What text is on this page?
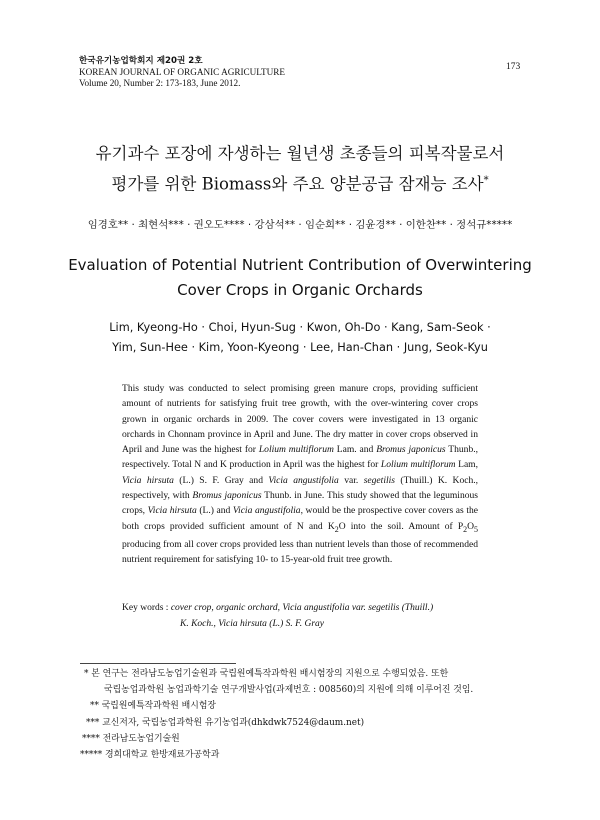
한국유기농업학회지 제20권 2호
KOREAN JOURNAL OF ORGANIC AGRICULTURE
Volume 20, Number 2: 173-183, June 2012.
173
유기과수 포장에 자생하는 월년생 초종들의 피복작물로서
평가를 위한 Biomass와 주요 양분공급 잠재능 조사*
임경호** · 최현석*** · 권오도**** · 강삼석** · 임순희** · 김윤경** · 이한찬** · 정석규*****
Evaluation of Potential Nutrient Contribution of Overwintering
Cover Crops in Organic Orchards
Lim, Kyeong-Ho · Choi, Hyun-Sug · Kwon, Oh-Do · Kang, Sam-Seok ·
Yim, Sun-Hee · Kim, Yoon-Kyeong · Lee, Han-Chan · Jung, Seok-Kyu
This study was conducted to select promising green manure crops, providing sufficient amount of nutrients for satisfying fruit tree growth, with the over-wintering cover crops grown in organic orchards in 2009. The cover covers were investigated in 13 organic orchards in Chonnam province in April and June. The dry matter in cover crops observed in April and June was the highest for Lolium multiflorum Lam. and Bromus japonicus Thunb., respectively. Total N and K production in April was the highest for Lolium multiflorum Lam, Vicia hirsuta (L.) S. F. Gray and Vicia angustifolia var. segetilis (Thuill.) K. Koch., respectively, with Bromus japonicus Thunb. in June. This study showed that the leguminous crops, Vicia hirsuta (L.) and Vicia angustifolia, would be the prospective cover covers as the both crops provided sufficient amount of N and $K_2O$ into the soil. Amount of $P_2O_5$ producing from all cover crops provided less than nutrient levels than those of recommended nutrient requirement for satisfying 10- to 15-year-old fruit tree growth.
Key words : cover crop, organic orchard, Vicia angustifolia var. segetilis (Thuill.)
K. Koch., Vicia hirsuta (L.) S. F. Gray
* 본 연구는 전라남도농업기술원과 국립원예특작과학원 배시험장의 지원으로 수행되었음. 또한
국립농업과학원 농업과학기술 연구개발사업(과제번호 : 008560)의 지원에 의해 이루어진 것임.
** 국립원예특작과학원 배시험장
*** 교신저자, 국립농업과학원 유기농업과(dhkdwk7524@daum.net)
**** 전라남도농업기술원
***** 경희대학교 한방재료가공학과
